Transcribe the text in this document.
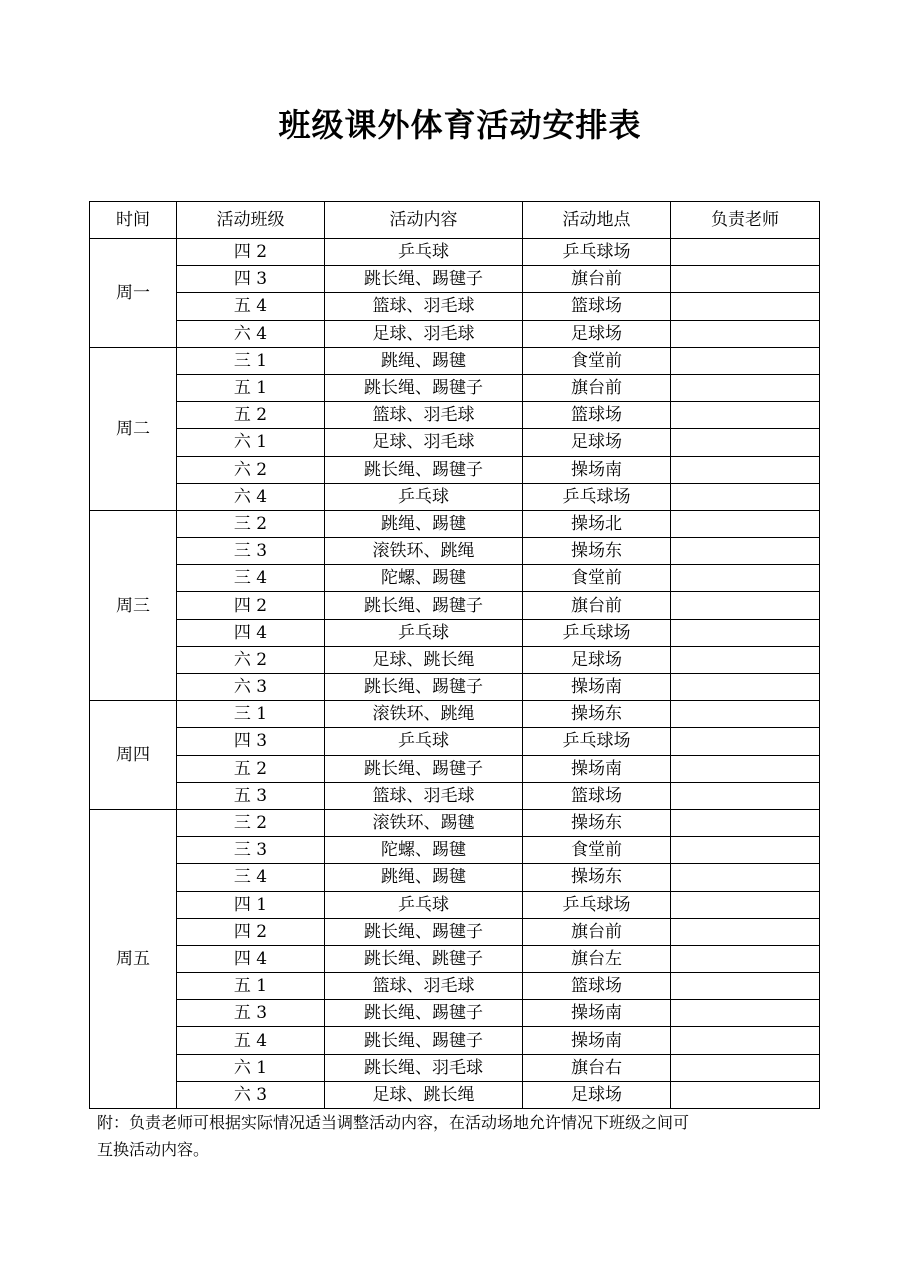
班级课外体育活动安排表
时间	活动班级	活动内容	活动地点	负责老师
周一	四 2	乒乓球	乒乓球场	
	四 3	跳长绳、踢毽子	旗台前	
	五 4	篮球、羽毛球	篮球场	
	六 4	足球、羽毛球	足球场	
周二	三 1	跳绳、踢毽	食堂前	
	五 1	跳长绳、踢毽子	旗台前	
	五 2	篮球、羽毛球	篮球场	
	六 1	足球、羽毛球	足球场	
	六 2	跳长绳、踢毽子	操场南	
	六 4	乒乓球	乒乓球场	
周三	三 2	跳绳、踢毽	操场北	
	三 3	滚铁环、跳绳	操场东	
	三 4	陀螺、踢毽	食堂前	
	四 2	跳长绳、踢毽子	旗台前	
	四 4	乒乓球	乒乓球场	
	六 2	足球、跳长绳	足球场	
	六 3	跳长绳、踢毽子	操场南	
周四	三 1	滚铁环、跳绳	操场东	
	四 3	乒乓球	乒乓球场	
	五 2	跳长绳、踢毽子	操场南	
	五 3	篮球、羽毛球	篮球场	
周五	三 2	滚铁环、踢毽	操场东	
	三 3	陀螺、踢毽	食堂前	
	三 4	跳绳、踢毽	操场东	
	四 1	乒乓球	乒乓球场	
	四 2	跳长绳、踢毽子	旗台前	
	四 4	跳长绳、跳毽子	旗台左	
	五 1	篮球、羽毛球	篮球场	
	五 3	跳长绳、踢毽子	操场南	
	五 4	跳长绳、踢毽子	操场南	
	六 1	跳长绳、羽毛球	旗台右	
	六 3	足球、跳长绳	足球场	

附：负责老师可根据实际情况适当调整活动内容，在活动场地允许情况下班级之间可

互换活动内容。
